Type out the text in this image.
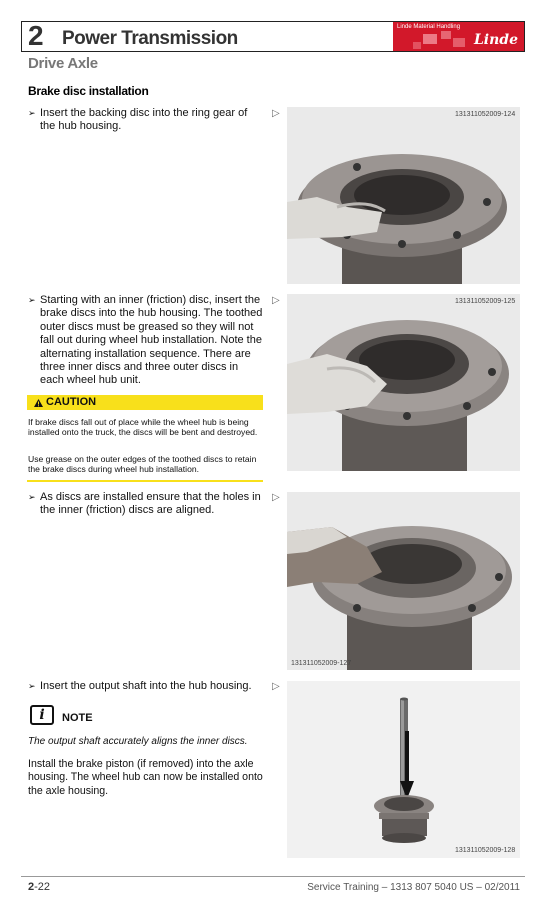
2 Power Transmission
Linde Material Handling
Linde
Drive Axle
Brake disc installation
➢ Insert the backing disc into the ring gear of the hub housing.
▷	131311052009-124
➢ Starting with an inner (friction) disc, insert the brake discs into the hub housing. The toothed outer discs must be greased so they will not fall out during wheel hub installation. Note the alternating installation sequence. There are three inner discs and three outer discs in each wheel hub unit.
▷	131311052009-125
CAUTION
If brake discs fall out of place while the wheel hub is being installed onto the truck, the discs will be bent and destroyed.
Use grease on the outer edges of the toothed discs to retain the brake discs during wheel hub installation.
➢ As discs are installed ensure that the holes in the inner (friction) discs are aligned.
▷
131311052009-127
➢ Insert the output shaft into the hub housing.	▷
i	NOTE
The output shaft accurately aligns the inner discs.
Install the brake piston (if removed) into the axle housing. The wheel hub can now be installed onto the axle housing.
131311052009-128
2-22	Service Training – 1313 807 5040 US – 02/2011
